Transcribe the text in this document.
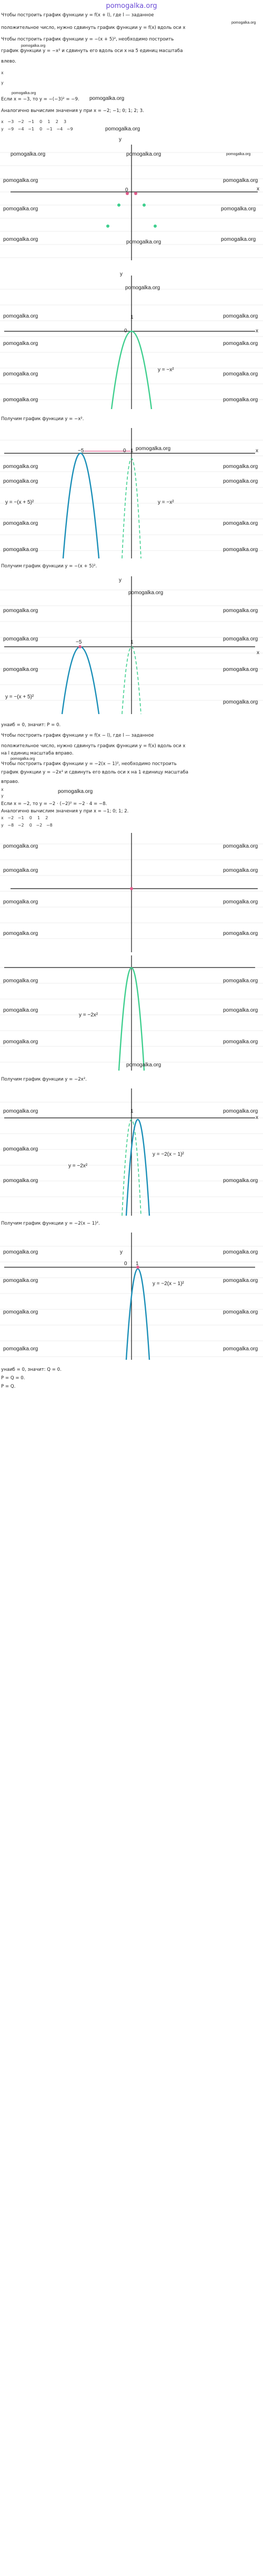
pomogalka.org
Чтобы построить график функции y = f(x + l), где l — заданное
pomogalka.org
положительное число, нужно сдвинуть график функции y = f(x) вдоль оси x
Чтобы построить график функции y = −(x + 5)², необходимо построить
pomogalka.org
график функции y = −x² и сдвинуть его вдоль оси x на 5 единиц масштаба
влево.
x
y
pomogalka.org
Если x = −3, то y = −(−3)² = −9. pomogalka.org
Аналогично вычислим значения y при x = −2; −1; 0; 1; 2; 3.
x   −3   −2   −1    0    1    2    3
y   −9   −4   −1    0   −1   −4   −9	pomogalka.org
y
x
0
pomogalka.org	pomogalka.org	pomogalka.org
pomogalka.org	pomogalka.org
pomogalka.org	pomogalka.org
pomogalka.org	pomogalka.org	pomogalka.org
y
x
0
1
y = −x²
pomogalka.org
pomogalka.org	pomogalka.org
pomogalka.org	pomogalka.org
pomogalka.org	pomogalka.org
pomogalka.org	pomogalka.org
Получим график функции y = −x².
−5	1	x
0
y = −(x + 5)²	y = −x²
pomogalka.org
pomogalka.org	pomogalka.org
pomogalka.org	pomogalka.org
pomogalka.org	pomogalka.org
pomogalka.org	pomogalka.org
Получим график функции y = −(x + 5)².
y
−5	1
x
y = −(x + 5)²
pomogalka.org
pomogalka.org	pomogalka.org
pomogalka.org	pomogalka.org
pomogalka.org	pomogalka.org
pomogalka.org
yнаиб = 0, значит: P = 0.
Чтобы построить график функции y = f(x − l), где l — заданное
положительное число, нужно сдвинуть график функции y = f(x) вдоль оси x
на l единиц масштаба вправо.
pomogalka.org
Чтобы построить график функции y = −2(x − 1)², необходимо построить
график функции y = −2x² и сдвинуть его вдоль оси x на 1 единицу масштаба
вправо.
pomogalka.org
x
y
Если x = −2, то y = −2 · (−2)² = −2 · 4 = −8.
Аналогично вычислим значения y при x = −1; 0; 1; 2.
x   −2   −1    0    1    2
y   −8   −2    0   −2   −8
pomogalka.org	pomogalka.org
pomogalka.org	pomogalka.org
pomogalka.org	pomogalka.org
pomogalka.org	pomogalka.org
y = −2x²
pomogalka.org	pomogalka.org
pomogalka.org	pomogalka.org
pomogalka.org	pomogalka.org
pomogalka.org
Получим график функции y = −2x².
1
x
y = −2(x − 1)²
y = −2x²
pomogalka.org	pomogalka.org
pomogalka.org
pomogalka.org	pomogalka.org
Получим график функции y = −2(x − 1)².
y
0 1
y = −2(x − 1)²
pomogalka.org	pomogalka.org
pomogalka.org	pomogalka.org
pomogalka.org	pomogalka.org
pomogalka.org	pomogalka.org
yнаиб = 0, значит: Q = 0.
P = Q = 0.
P = Q.
